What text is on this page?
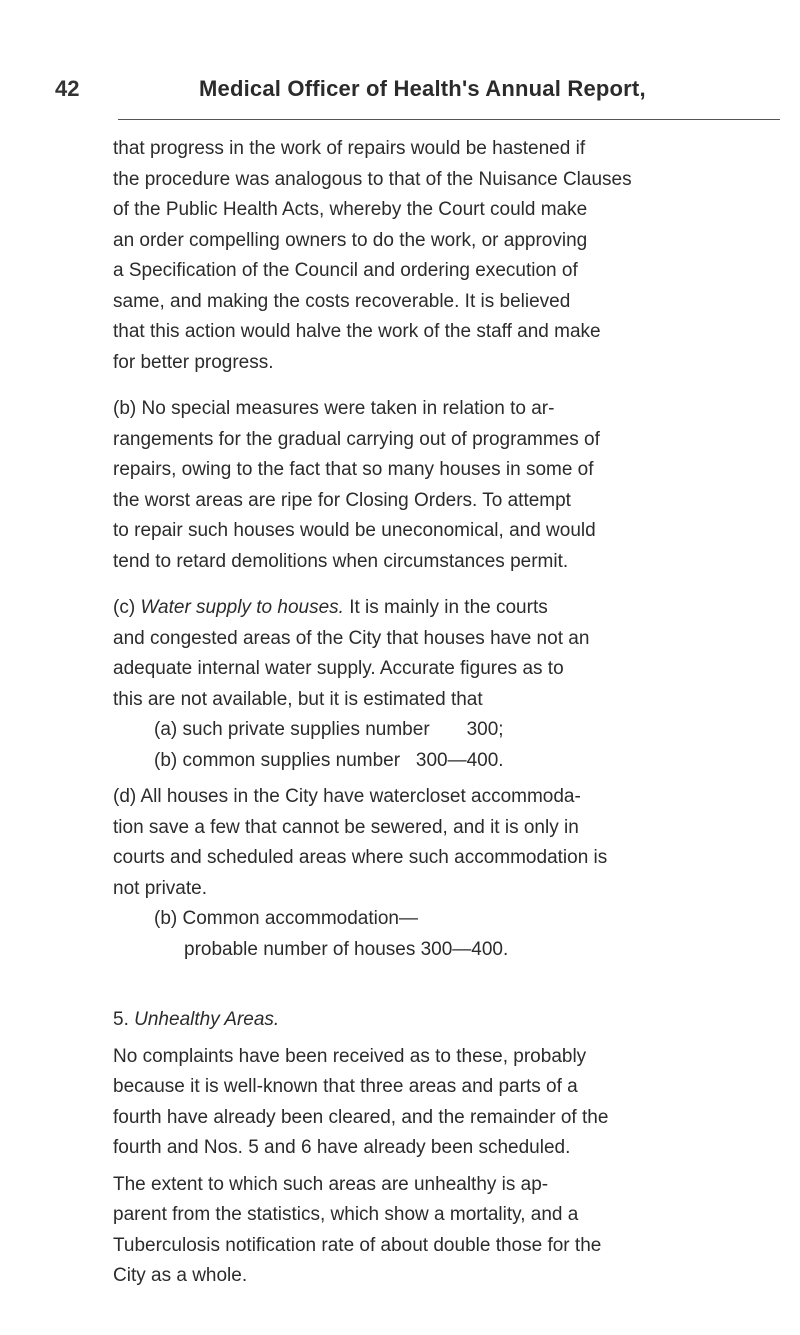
42	Medical Officer of Health's Annual Report,
that progress in the work of repairs would be hastened if
the procedure was analogous to that of the Nuisance Clauses
of the Public Health Acts, whereby the Court could make
an order compelling owners to do the work, or approving
a Specification of the Council and ordering execution of
same, and making the costs recoverable. It is believed
that this action would halve the work of the staff and make
for better progress.
(b) No special measures were taken in relation to ar-
rangements for the gradual carrying out of programmes of
repairs, owing to the fact that so many houses in some of
the worst areas are ripe for Closing Orders. To attempt
to repair such houses would be uneconomical, and would
tend to retard demolitions when circumstances permit.
(c) Water supply to houses. It is mainly in the courts
and congested areas of the City that houses have not an
adequate internal water supply. Accurate figures as to
this are not available, but it is estimated that
(a) such private supplies number 300;
(b) common supplies number 300—400.
(d) All houses in the City have watercloset accommoda-
tion save a few that cannot be sewered, and it is only in
courts and scheduled areas where such accommodation is
not private.
(b) Common accommodation—
probable number of houses 300—400.
5. Unhealthy Areas.
No complaints have been received as to these, probably
because it is well-known that three areas and parts of a
fourth have already been cleared, and the remainder of the
fourth and Nos. 5 and 6 have already been scheduled.
The extent to which such areas are unhealthy is ap-
parent from the statistics, which show a mortality, and a
Tuberculosis notification rate of about double those for the
City as a whole.
